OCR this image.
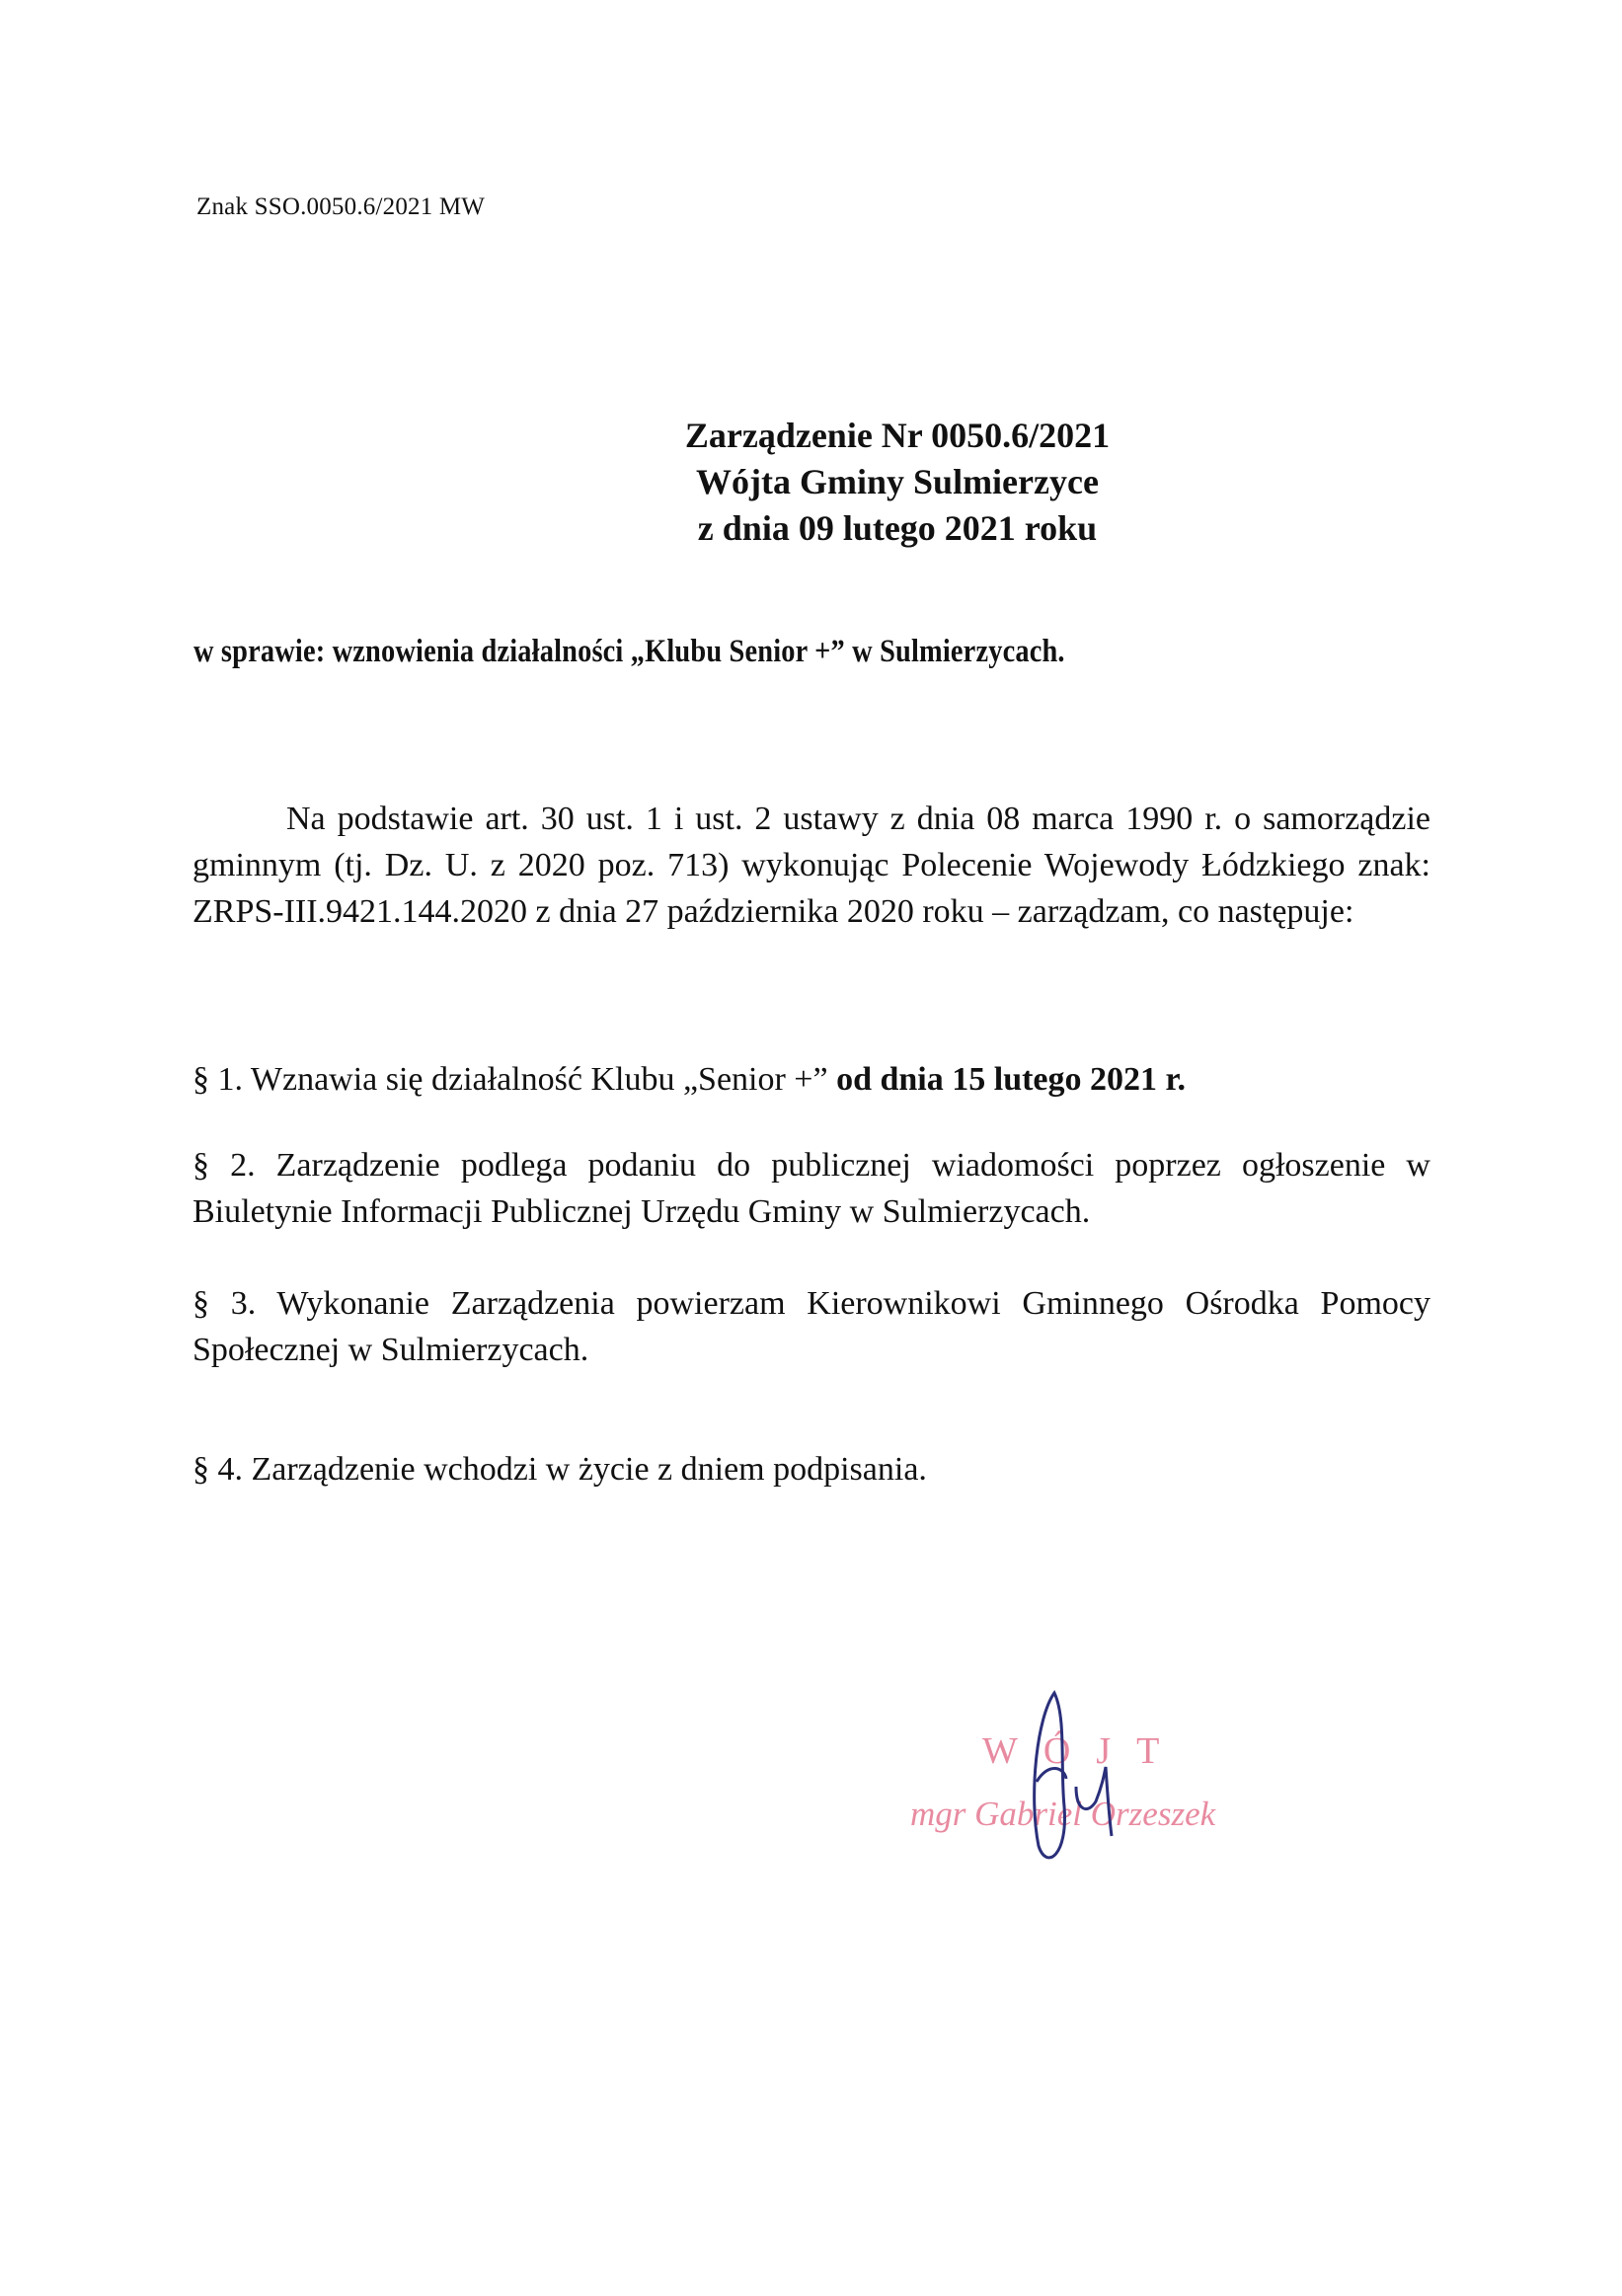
Znak SSO.0050.6/2021 MW
Zarządzenie Nr 0050.6/2021
Wójta Gminy Sulmierzyce
z dnia 09 lutego 2021 roku
w sprawie: wznowienia działalności „Klubu Senior +” w Sulmierzycach.
Na podstawie art. 30 ust. 1 i ust. 2 ustawy z dnia 08 marca 1990 r. o samorządzie gminnym (tj. Dz. U. z 2020 poz. 713) wykonując Polecenie Wojewody Łódzkiego znak: ZRPS-III.9421.144.2020 z dnia 27 października 2020 roku – zarządzam, co następuje:
§ 1. Wznawia się działalność Klubu „Senior +” od dnia 15 lutego 2021 r.
§ 2. Zarządzenie podlega podaniu do publicznej wiadomości poprzez ogłoszenie w Biuletynie Informacji Publicznej Urzędu Gminy w Sulmierzycach.
§ 3. Wykonanie Zarządzenia powierzam Kierownikowi Gminnego Ośrodka Pomocy Społecznej w Sulmierzycach.
§ 4. Zarządzenie wchodzi w życie z dniem podpisania.
WÓJT
mgr Gabriel Orzeszek
